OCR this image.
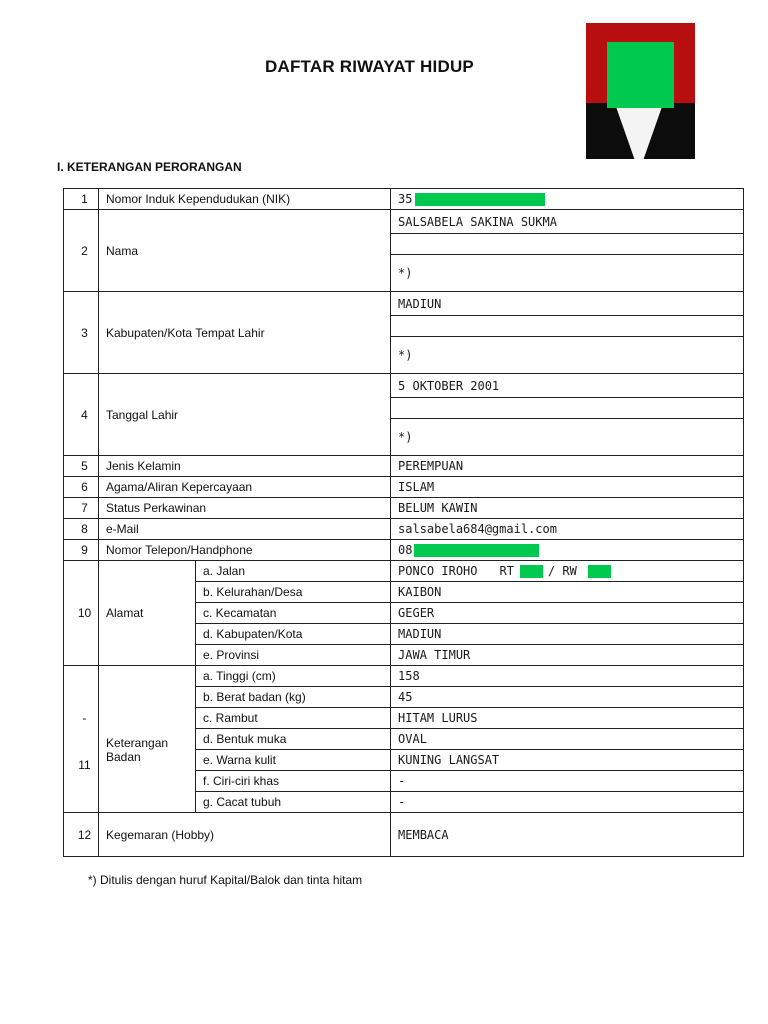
DAFTAR RIWAYAT HIDUP
I. KETERANGAN PERORANGAN
1	Nomor Induk Kependudukan (NIK)		35
2	Nama		SALSABELA SAKINA SUKMA

			*)
3	Kabupaten/Kota Tempat Lahir		MADIUN

			*)
4	Tanggal Lahir		5 OKTOBER 2001

			*)
5	Jenis Kelamin		PEREMPUAN
6	Agama/Aliran Kepercayaan		ISLAM
7	Status Perkawinan		BELUM KAWIN
8	e-Mail		salsabela684@gmail.com
9	Nomor Telepon/Handphone		08
10	Alamat	a. Jalan	PONCO IROHO RT / RW
		b. Kelurahan/Desa	KAIBON
		c. Kecamatan	GEGER
		d. Kabupaten/Kota	MADIUN
		e. Provinsi	JAWA TIMUR

-
11	Keterangan Badan	a. Tinggi (cm)	158
		b. Berat badan (kg)	45
		c. Rambut	HITAM LURUS
		d. Bentuk muka	OVAL
		e. Warna kulit	KUNING LANGSAT
		f. Ciri-ciri khas	-
		g. Cacat tubuh	-
12	Kegemaran (Hobby)		MEMBACA
*) Ditulis dengan huruf Kapital/Balok dan tinta hitam
